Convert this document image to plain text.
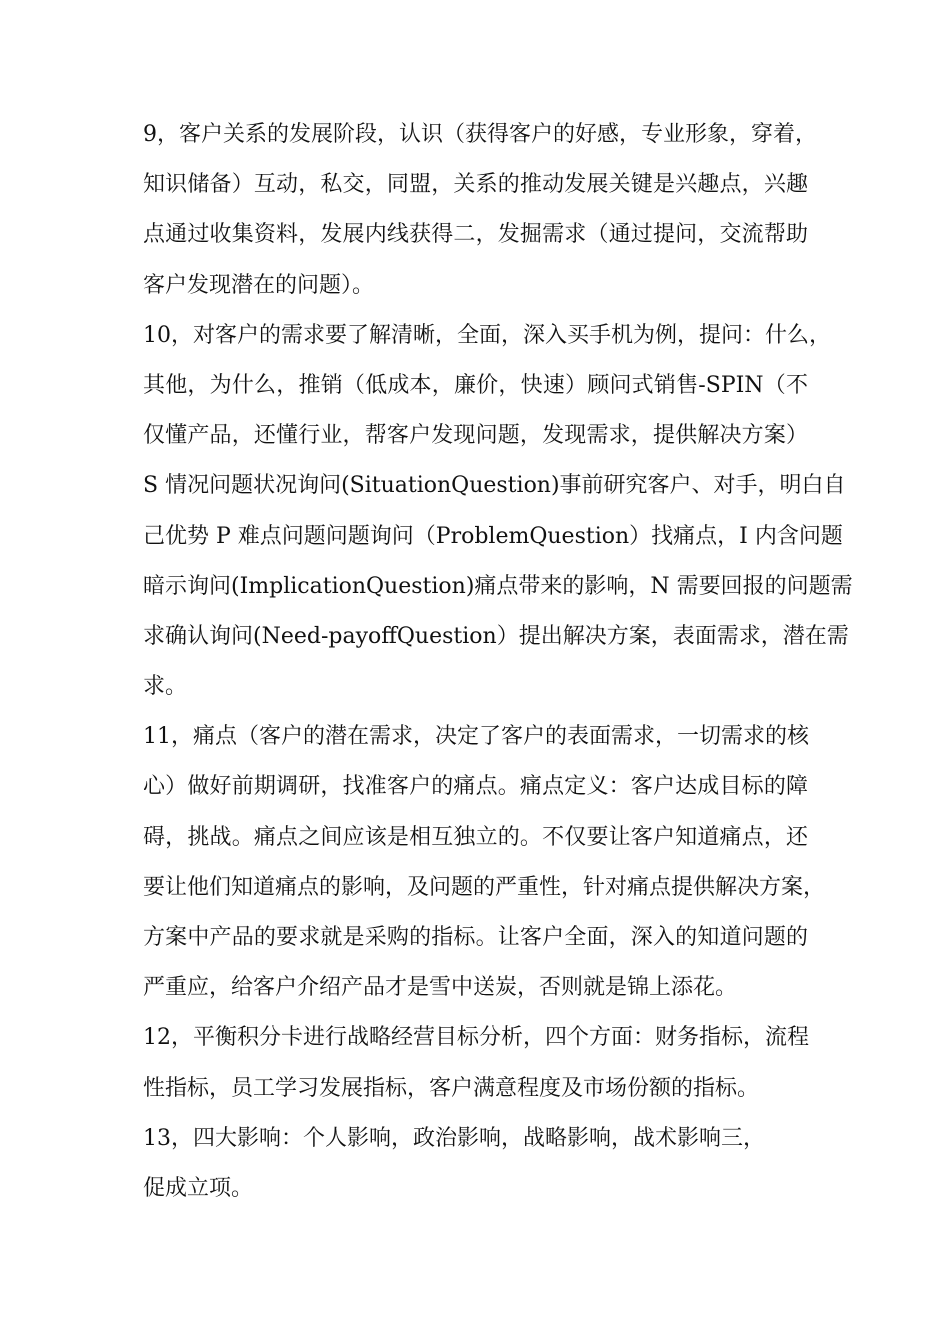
9，客户关系的发展阶段，认识（获得客户的好感，专业形象，穿着，
知识储备）互动，私交，同盟，关系的推动发展关键是兴趣点，兴趣
点通过收集资料，发展内线获得二，发掘需求（通过提问，交流帮助
客户发现潜在的问题）。
10，对客户的需求要了解清晰，全面，深入买手机为例，提问：什么，
其他，为什么，推销（低成本，廉价，快速）顾问式销售-SPIN（不
仅懂产品，还懂行业，帮客户发现问题，发现需求，提供解决方案）
S 情况问题状况询问(SituationQuestion)事前研究客户、对手，明白自
己优势 P 难点问题问题询问（ProblemQuestion）找痛点，I 内含问题
暗示询问(ImplicationQuestion)痛点带来的影响，N 需要回报的问题需
求确认询问(Need-payoffQuestion）提出解决方案，表面需求，潜在需
求。
11，痛点（客户的潜在需求，决定了客户的表面需求，一切需求的核
心）做好前期调研，找准客户的痛点。痛点定义：客户达成目标的障
碍，挑战。痛点之间应该是相互独立的。不仅要让客户知道痛点，还
要让他们知道痛点的影响，及问题的严重性，针对痛点提供解决方案，
方案中产品的要求就是采购的指标。让客户全面，深入的知道问题的
严重应，给客户介绍产品才是雪中送炭，否则就是锦上添花。
12，平衡积分卡进行战略经营目标分析，四个方面：财务指标，流程
性指标，员工学习发展指标，客户满意程度及市场份额的指标。
13，四大影响：个人影响，政治影响，战略影响，战术影响三，
促成立项。
